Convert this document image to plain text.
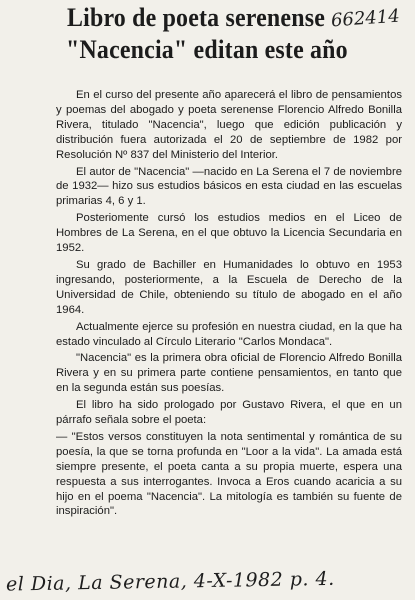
Libro de poeta serenense
"Nacencia" editan este año
662414

En el curso del presente año aparecerá el libro de pensamientos y poemas del abogado y poeta serenense Florencio Alfredo Bonilla Rivera, titulado "Nacencia", luego que edición publicación y distribución fuera autorizada el 20 de septiembre de 1982 por Resolución Nº 837 del Ministerio del Interior.

El autor de "Nacencia" —nacido en La Serena el 7 de noviembre de 1932— hizo sus estudios básicos en esta ciudad en las escuelas primarias 4, 6 y 1.

Posteriomente cursó los estudios medios en el Liceo de Hombres de La Serena, en el que obtuvo la Licencia Secundaria en 1952.

Su grado de Bachiller en Humanidades lo obtuvo en 1953 ingresando, posteriormente, a la Escuela de Derecho de la Universidad de Chile, obteniendo su título de abogado en el año 1964.

Actualmente ejerce su profesión en nuestra ciudad, en la que ha estado vinculado al Círculo Literario "Carlos Mondaca".

"Nacencia" es la primera obra oficial de Florencio Alfredo Bonilla Rivera y en su primera parte contiene pensamientos, en tanto que en la segunda están sus poesías.

El libro ha sido prologado por Gustavo Rivera, el que en un párrafo señala sobre el poeta:

— "Estos versos constituyen la nota sentimental y romántica de su poesía, la que se torna profunda en "Loor a la vida". La amada está siempre presente, el poeta canta a su propia muerte, espera una respuesta a sus interrogantes. Invoca a Eros cuando acaricia a su hijo en el poema "Nacencia". La mitología es también su fuente de inspiración".

el Dia, La Serena, 4-X-1982 p. 4.
